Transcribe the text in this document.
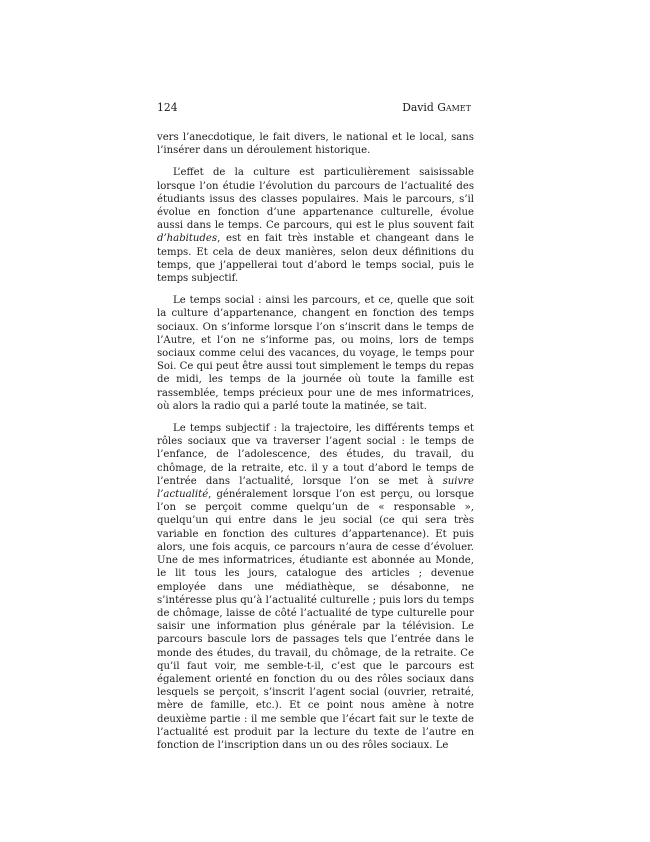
124	David Gamet

vers l’anecdotique, le fait divers, le national et le local, sans l’insérer dans un déroulement historique.

L’effet de la culture est particulièrement saisissable lorsque l’on étudie l’évolution du parcours de l’actualité des étudiants issus des classes populaires. Mais le parcours, s’il évolue en fonction d’une appartenance culturelle, évolue aussi dans le temps. Ce parcours, qui est le plus souvent fait d’habitudes, est en fait très instable et changeant dans le temps. Et cela de deux manières, selon deux définitions du temps, que j’appellerai tout d’abord le temps social, puis le temps subjectif.

Le temps social : ainsi les parcours, et ce, quelle que soit la culture d’appartenance, changent en fonction des temps sociaux. On s’informe lorsque l’on s’inscrit dans le temps de l’Autre, et l’on ne s’informe pas, ou moins, lors de temps sociaux comme celui des vacances, du voyage, le temps pour Soi. Ce qui peut être aussi tout simplement le temps du repas de midi, les temps de la journée où toute la famille est rassemblée, temps précieux pour une de mes informatrices, où alors la radio qui a parlé toute la matinée, se tait.

Le temps subjectif : la trajectoire, les différents temps et rôles sociaux que va traverser l’agent social : le temps de l’enfance, de l’adolescence, des études, du travail, du chômage, de la retraite, etc. il y a tout d’abord le temps de l’entrée dans l’actualité, lorsque l’on se met à suivre l’actualité, généralement lorsque l’on est perçu, ou lorsque l’on se perçoit comme quelqu’un de « responsable », quelqu’un qui entre dans le jeu social (ce qui sera très variable en fonction des cultures d’appartenance). Et puis alors, une fois acquis, ce parcours n’aura de cesse d’évoluer. Une de mes informatrices, étudiante est abonnée au Monde, le lit tous les jours, catalogue des articles ; devenue employée dans une médiathèque, se désabonne, ne s’intéresse plus qu’à l’actualité culturelle ; puis lors du temps de chômage, laisse de côté l’actualité de type culturelle pour saisir une information plus générale par la télévision. Le parcours bascule lors de passages tels que l’entrée dans le monde des études, du travail, du chômage, de la retraite. Ce qu’il faut voir, me semble-t-il, c’est que le parcours est également orienté en fonction du ou des rôles sociaux dans lesquels se perçoit, s’inscrit l’agent social (ouvrier, retraité, mère de famille, etc.). Et ce point nous amène à notre deuxième partie : il me semble que l’écart fait sur le texte de l’actualité est produit par la lecture du texte de l’autre en fonction de l’inscription dans un ou des rôles sociaux. Le
